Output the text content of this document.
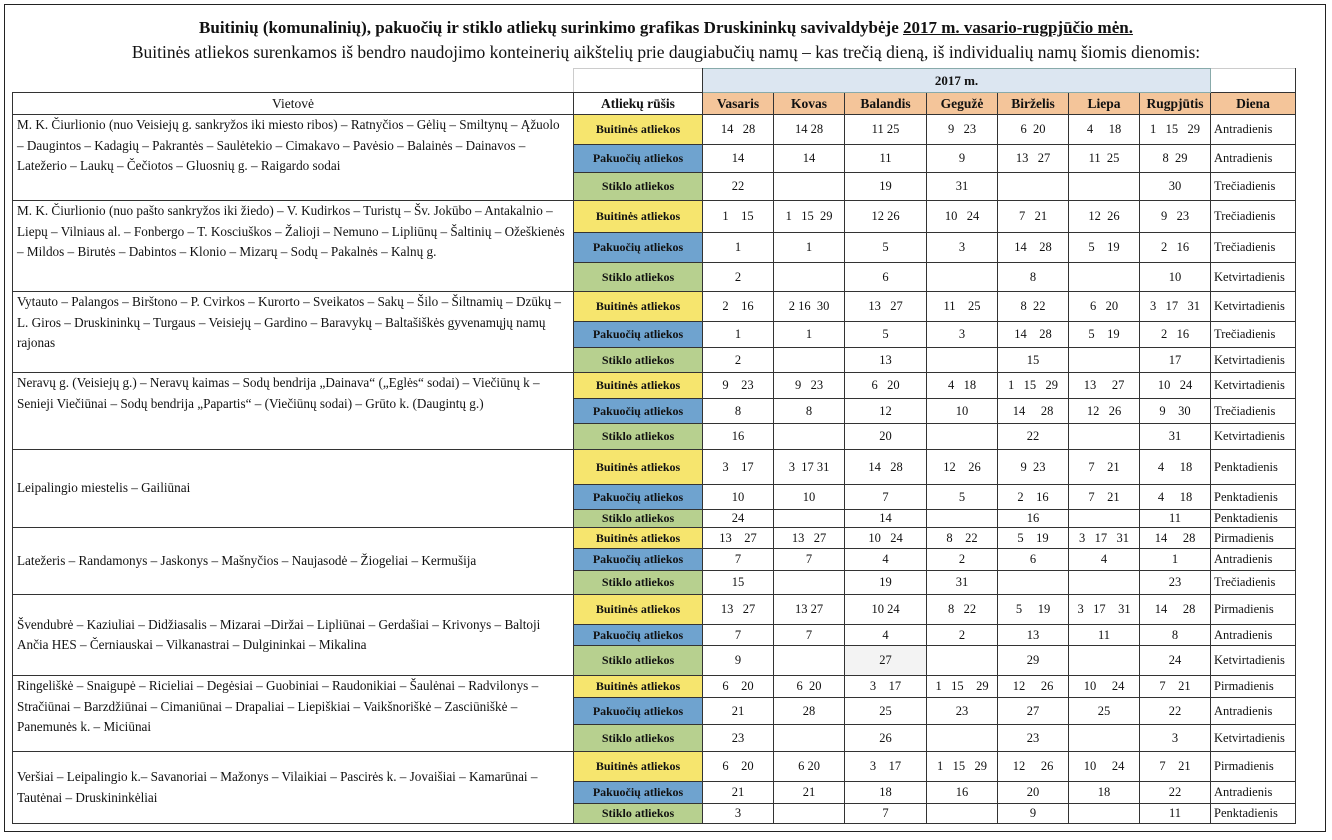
Buitinių (komunalinių), pakuočių ir stiklo atliekų surinkimo grafikas Druskininkų savivaldybėje 2017 m. vasario-rugpjūčio mėn.
Buitinės atliekos surenkamos iš bendro naudojimo konteinerių aikštelių prie daugiabučių namų – kas trečią dieną, iš individualių namų šiomis dienomis:
		2017 m.							
Vietovė	Atliekų rūšis	Vasaris	Kovas	Balandis	Gegužė	Birželis	Liepa	Rugpjūtis	Diena
M. K. Čiurlionio (nuo Veisiejų g. sankryžos iki miesto ribos) – Ratnyčios – Gėlių – Smiltynų – Ąžuolo – Daugintos – Kadagių – Pakrantės – Saulėtekio – Cimakavo – Pavėsio – Balainės – Dainavos – Latežerio – Laukų – Čečiotos – Gluosnių g. – Raigardo sodai	Buitinės atliekos	14   28	14 28	11 25	9   23	6  20	4     18	1   15   29	Antradienis
	Pakuočių atliekos	14	14	11	9	13   27	11  25	8  29	Antradienis
	Stiklo atliekos	22		19	31			30	Trečiadienis
M. K. Čiurlionio (nuo pašto sankryžos iki žiedo) – V. Kudirkos – Turistų – Šv. Jokūbo – Antakalnio – Liepų – Vilniaus al. – Fonbergo – T. Kosciuškos – Žalioji – Nemuno – Lipliūnų – Šaltinių – Ožeškienės – Mildos – Birutės – Dabintos – Klonio – Mizarų – Sodų – Pakalnės – Kalnų g.	Buitinės atliekos	1    15	1   15  29	12 26	10   24	7   21	12  26	9   23	Trečiadienis
	Pakuočių atliekos	1	1	5	3	14    28	5    19	2   16	Trečiadienis
	Stiklo atliekos	2		6		8		10	Ketvirtadienis
Vytauto – Palangos – Birštono – P. Cvirkos – Kurorto – Sveikatos – Sakų – Šilo – Šiltnamių – Dzūkų – L. Giros – Druskininkų – Turgaus – Veisiejų – Gardino – Baravykų – Baltašiškės gyvenamųjų namų rajonas	Buitinės atliekos	2    16	2 16  30	13   27	11    25	8  22	6   20	3   17   31	Ketvirtadienis
	Pakuočių atliekos	1	1	5	3	14    28	5    19	2   16	Trečiadienis
	Stiklo atliekos	2		13		15		17	Ketvirtadienis
Neravų g. (Veisiejų g.) – Neravų kaimas – Sodų bendrija „Dainava“ („Eglės“ sodai) – Viečiūnų k – Senieji Viečiūnai – Sodų bendrija „Papartis“ – (Viečiūnų sodai) – Grūto k. (Daugintų g.)	Buitinės atliekos	9    23	9   23	6   20	4   18	1   15   29	13     27	10   24	Ketvirtadienis
	Pakuočių atliekos	8	8	12	10	14     28	12   26	9    30	Trečiadienis
	Stiklo atliekos	16		20		22		31	Ketvirtadienis
Leipalingio miestelis – Gailiūnai	Buitinės atliekos	3    17	3  17 31	14   28	12    26	9  23	7    21	4     18	Penktadienis
	Pakuočių atliekos	10	10	7	5	2    16	7    21	4     18	Penktadienis
	Stiklo atliekos	24		14		16		11	Penktadienis
Latežeris – Randamonys – Jaskonys – Mašnyčios – Naujasodė – Žiogeliai – Kermušija	Buitinės atliekos	13    27	13   27	10   24	8    22	5    19	3   17   31	14     28	Pirmadienis
	Pakuočių atliekos	7	7	4	2	6	4	1	Antradienis
	Stiklo atliekos	15		19	31			23	Trečiadienis
Švendubrė – Kaziuliai – Didžiasalis – Mizarai –Diržai – Lipliūnai – Gerdašiai – Krivonys – Baltoji Ančia HES – Černiauskai – Vilkanastrai – Dulgininkai – Mikalina	Buitinės atliekos	13   27	13 27	10 24	8   22	5     19	3   17    31	14     28	Pirmadienis
	Pakuočių atliekos	7	7	4	2	13	11	8	Antradienis
	Stiklo atliekos	9		27		29		24	Ketvirtadienis
Ringeliškė – Snaigupė – Ricieliai – Degėsiai – Guobiniai – Raudonikiai – Šaulėnai – Radvilonys – Stračiūnai – Barzdžiūnai – Cimaniūnai – Drapaliai – Liepiškiai – Vaikšnoriškė – Zasciūniškė – Panemunės k. – Miciūnai	Buitinės atliekos	6    20	6  20	3    17	1   15    29	12     26	10     24	7    21	Pirmadienis
	Pakuočių atliekos	21	28	25	23	27	25	22	Antradienis
	Stiklo atliekos	23		26		23		3	Ketvirtadienis
Veršiai – Leipalingio k.– Savanoriai – Mažonys – Vilaikiai – Pascirės k. – Jovaišiai – Kamarūnai – Tautėnai – Druskininkėliai	Buitinės atliekos	6    20	6 20	3    17	1   15   29	12     26	10     24	7    21	Pirmadienis
	Pakuočių atliekos	21	21	18	16	20	18	22	Antradienis
	Stiklo atliekos	3		7		9		11	Penktadienis
